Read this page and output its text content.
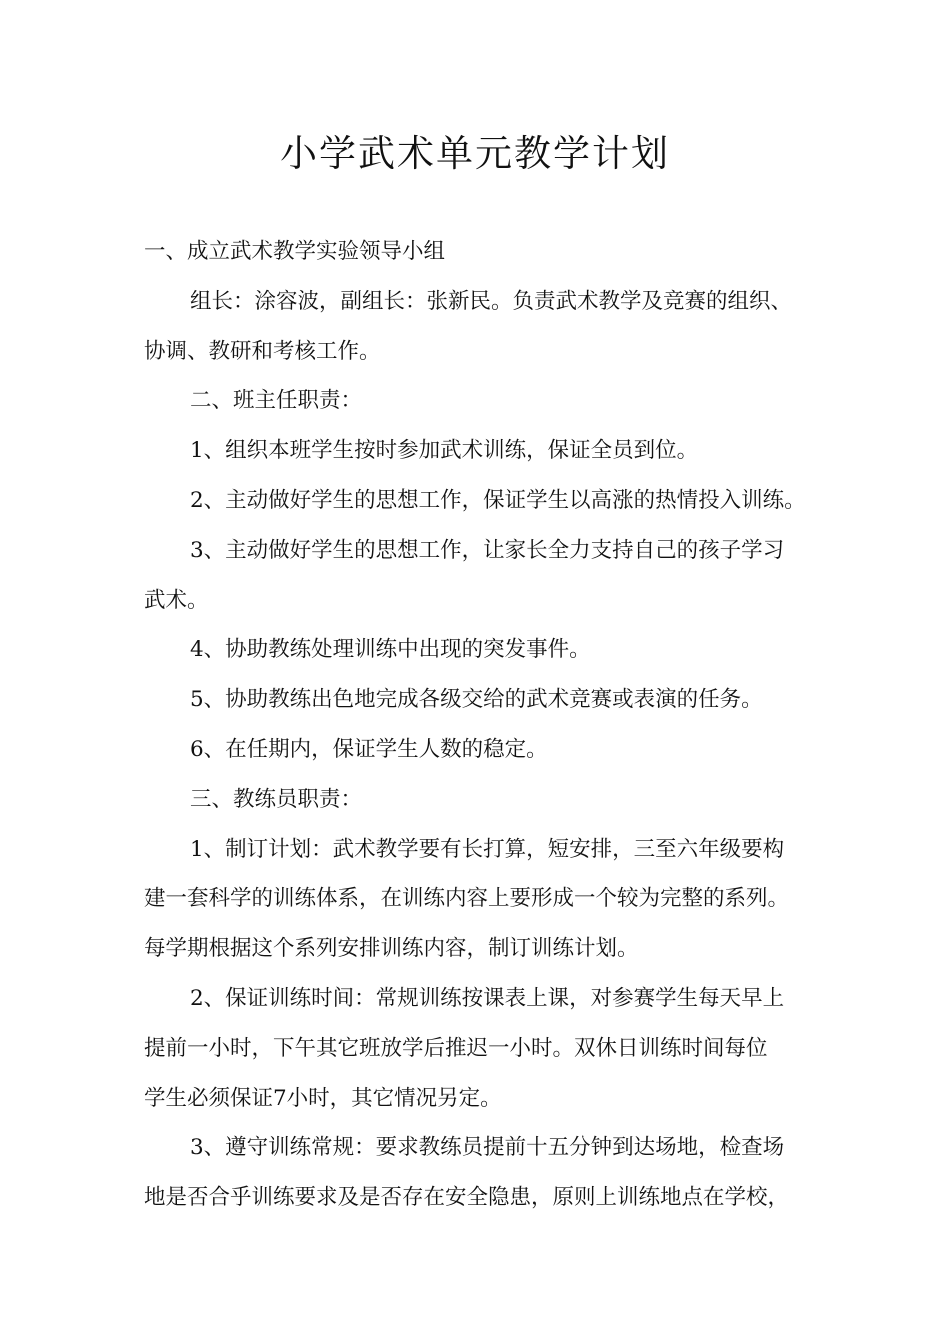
小学武术单元教学计划

一、成立武术教学实验领导小组

组长：涂容波，副组长：张新民。负责武术教学及竞赛的组织、

协调、教研和考核工作。

二、班主任职责：

1、组织本班学生按时参加武术训练，保证全员到位。

2、主动做好学生的思想工作，保证学生以高涨的热情投入训练。

3、主动做好学生的思想工作，让家长全力支持自己的孩子学习

武术。

4、协助教练处理训练中出现的突发事件。

5、协助教练出色地完成各级交给的武术竞赛或表演的任务。

6、在任期内，保证学生人数的稳定。

三、教练员职责：

1、制订计划：武术教学要有长打算，短安排，三至六年级要构

建一套科学的训练体系，在训练内容上要形成一个较为完整的系列。

每学期根据这个系列安排训练内容，制订训练计划。

2、保证训练时间：常规训练按课表上课，对参赛学生每天早上

提前一小时，下午其它班放学后推迟一小时。双休日训练时间每位

学生必须保证7小时，其它情况另定。

3、遵守训练常规：要求教练员提前十五分钟到达场地，检查场

地是否合乎训练要求及是否存在安全隐患，原则上训练地点在学校，
